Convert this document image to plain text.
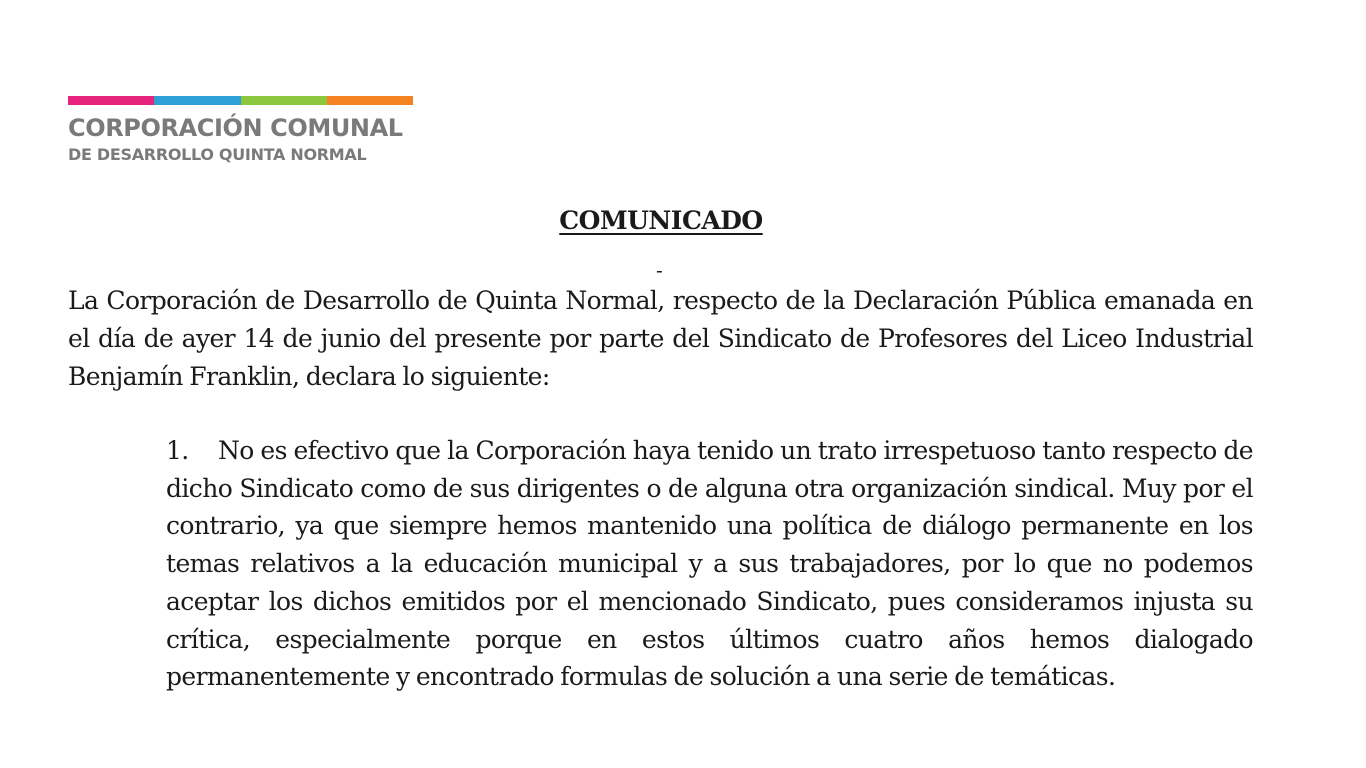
CORPORACIÓN COMUNAL
DE DESARROLLO QUINTA NORMAL
COMUNICADO
-

La Corporación de Desarrollo de Quinta Normal, respecto de la Declaración Pública emanada en el día de ayer 14 de junio del presente por parte del Sindicato de Profesores del Liceo Industrial Benjamín Franklin, declara lo siguiente:

1. No es efectivo que la Corporación haya tenido un trato irrespetuoso tanto respecto de dicho Sindicato como de sus dirigentes o de alguna otra organización sindical. Muy por el contrario, ya que siempre hemos mantenido una política de diálogo permanente en los temas relativos a la educación municipal y a sus trabajadores, por lo que no podemos aceptar los dichos emitidos por el mencionado Sindicato, pues consideramos injusta su crítica, especialmente porque en estos últimos cuatro años hemos dialogado permanentemente y encontrado formulas de solución a una serie de temáticas.
